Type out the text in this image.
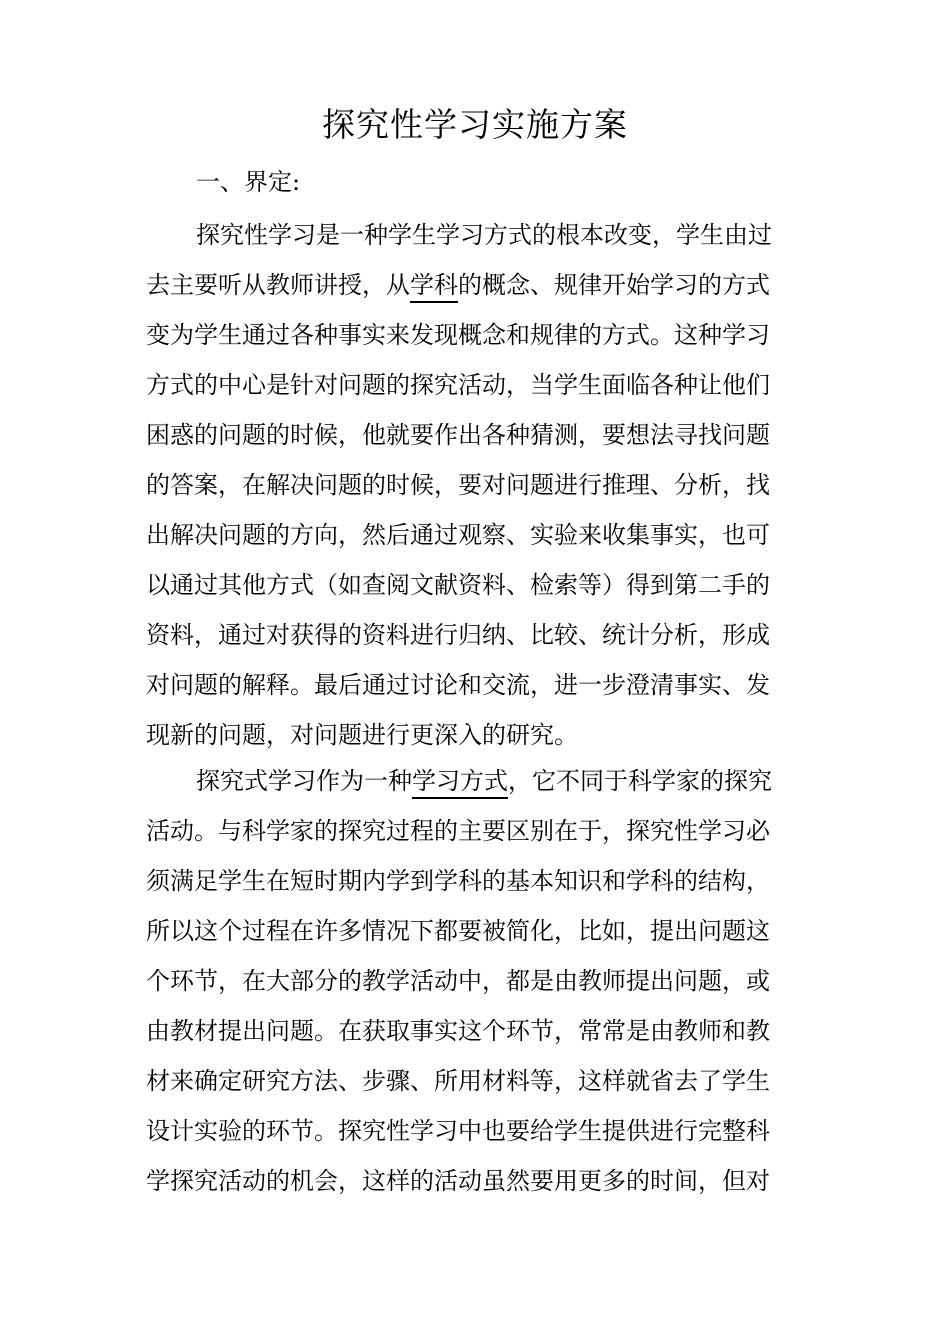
探究性学习实施方案
一、界定:
探究性学习是一种学生学习方式的根本改变，学生由过
去主要听从教师讲授，从学科的概念、规律开始学习的方式
变为学生通过各种事实来发现概念和规律的方式。这种学习
方式的中心是针对问题的探究活动，当学生面临各种让他们
困惑的问题的时候，他就要作出各种猜测，要想法寻找问题
的答案，在解决问题的时候，要对问题进行推理、分析，找
出解决问题的方向，然后通过观察、实验来收集事实，也可
以通过其他方式（如查阅文献资料、检索等）得到第二手的
资料，通过对获得的资料进行归纳、比较、统计分析，形成
对问题的解释。最后通过讨论和交流，进一步澄清事实、发
现新的问题，对问题进行更深入的研究。
探究式学习作为一种学习方式，它不同于科学家的探究
活动。与科学家的探究过程的主要区别在于，探究性学习必
须满足学生在短时期内学到学科的基本知识和学科的结构，
所以这个过程在许多情况下都要被简化，比如，提出问题这
个环节，在大部分的教学活动中，都是由教师提出问题，或
由教材提出问题。在获取事实这个环节，常常是由教师和教
材来确定研究方法、步骤、所用材料等，这样就省去了学生
设计实验的环节。探究性学习中也要给学生提供进行完整科
学探究活动的机会，这样的活动虽然要用更多的时间，但对
